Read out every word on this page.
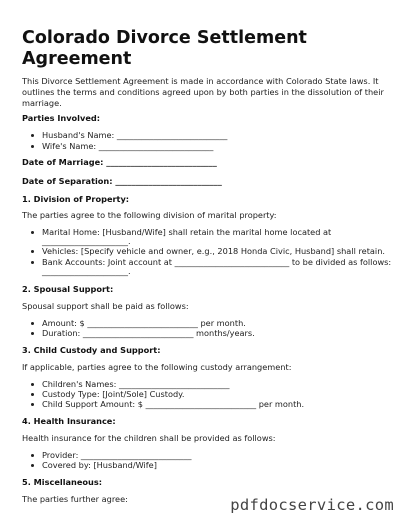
Colorado Divorce Settlement Agreement
This Divorce Settlement Agreement is made in accordance with Colorado State laws. It outlines the terms and conditions agreed upon by both parties in the dissolution of their marriage.
Parties Involved:
Husband's Name: ___________________________
Wife's Name: ____________________________
Date of Marriage: ___________________________
Date of Separation: __________________________
1. Division of Property:
The parties agree to the following division of marital property:
Marital Home: [Husband/Wife] shall retain the marital home located at
_____________________.
Vehicles: [Specify vehicle and owner, e.g., 2018 Honda Civic, Husband] shall retain.
Bank Accounts: Joint account at ____________________________ to be divided as follows:
_____________________.
2. Spousal Support:
Spousal support shall be paid as follows:
Amount: $ ___________________________ per month.
Duration: ___________________________ months/years.
3. Child Custody and Support:
If applicable, parties agree to the following custody arrangement:
Children's Names: ___________________________
Custody Type: [Joint/Sole] Custody.
Child Support Amount: $ ___________________________ per month.
4. Health Insurance:
Health insurance for the children shall be provided as follows:
Provider: ___________________________
Covered by: [Husband/Wife]
5. Miscellaneous:
The parties further agree:	pdfdocservice.com
